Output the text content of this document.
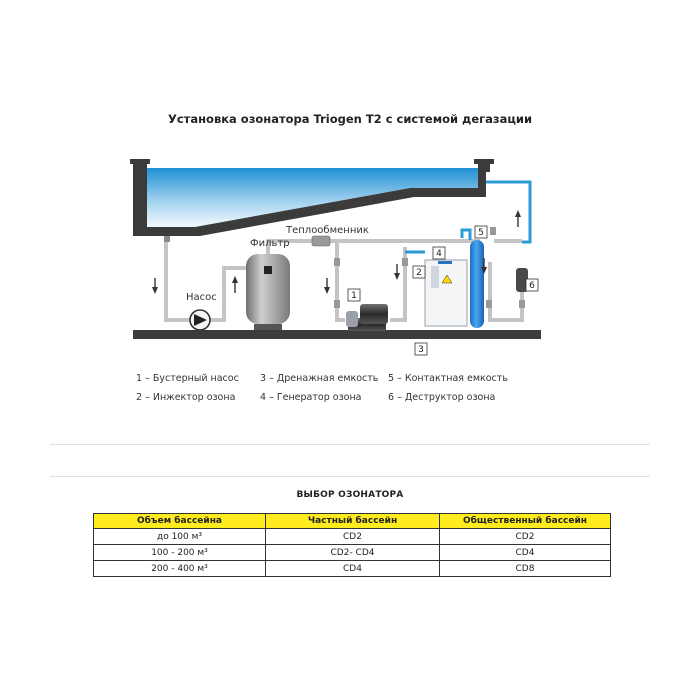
Установка озонатора Triogen T2 с системой дегазации
Насос
Фильтр
Теплообменник
1
2
3
4
5
6
1 – Бустерный насос
2 – Инжектор озона
3 – Дренажная емкость
4 – Генератор озона
5 – Контактная емкость
6 – Деструктор озона
ВЫБОР ОЗОНАТОРА
Объем бассейна	Частный бассейн	Общественный бассейн
до 100 м³	CD2	CD2
100 - 200 м³	CD2- CD4	CD4
200 - 400 м³	CD4	CD8
